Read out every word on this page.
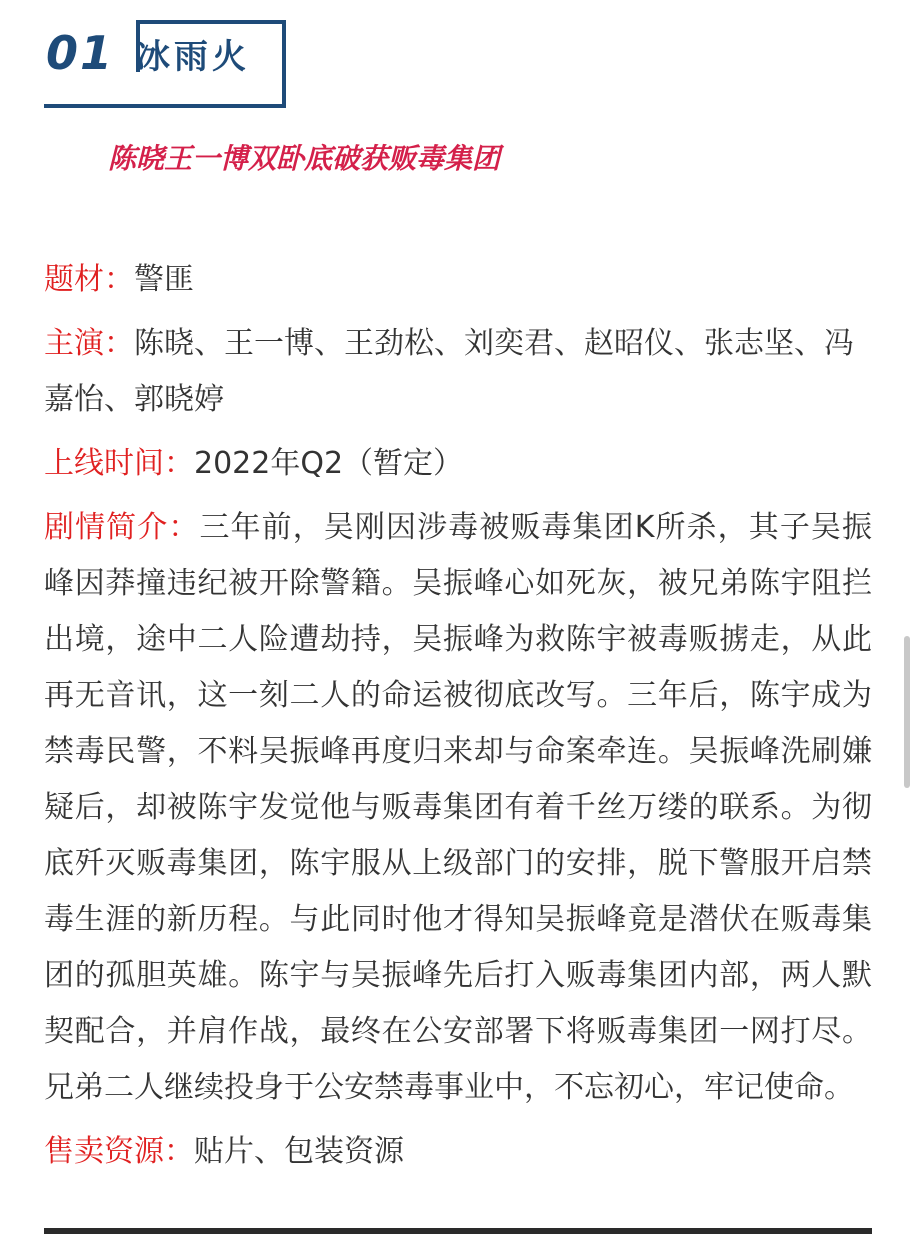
01 冰雨火
陈晓王一博双卧底破获贩毒集团

题材：警匪

主演：陈晓、王一博、王劲松、刘奕君、赵昭仪、张志坚、冯嘉怡、郭晓婷

上线时间：2022年Q2（暂定）

剧情简介：三年前，吴刚因涉毒被贩毒集团K所杀，其子吴振峰因莽撞违纪被开除警籍。吴振峰心如死灰，被兄弟陈宇阻拦出境，途中二人险遭劫持，吴振峰为救陈宇被毒贩掳走，从此再无音讯，这一刻二人的命运被彻底改写。三年后，陈宇成为禁毒民警，不料吴振峰再度归来却与命案牵连。吴振峰洗刷嫌疑后，却被陈宇发觉他与贩毒集团有着千丝万缕的联系。为彻底歼灭贩毒集团，陈宇服从上级部门的安排，脱下警服开启禁毒生涯的新历程。与此同时他才得知吴振峰竟是潜伏在贩毒集团的孤胆英雄。陈宇与吴振峰先后打入贩毒集团内部，两人默契配合，并肩作战，最终在公安部署下将贩毒集团一网打尽。兄弟二人继续投身于公安禁毒事业中，不忘初心，牢记使命。

售卖资源：贴片、包装资源
